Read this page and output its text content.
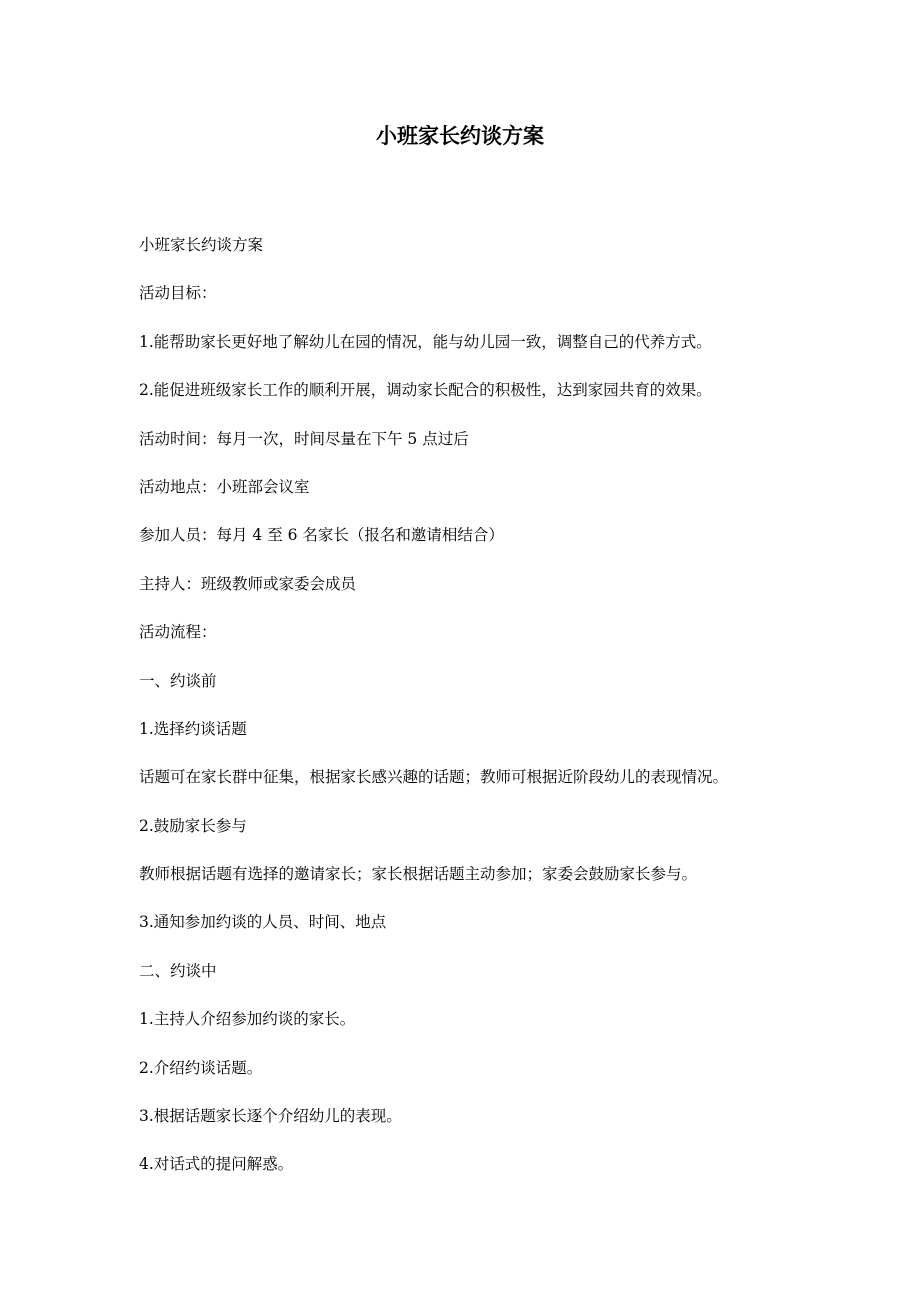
小班家长约谈方案

小班家长约谈方案

活动目标：

1.能帮助家长更好地了解幼儿在园的情况，能与幼儿园一致，调整自己的代养方式。

2.能促进班级家长工作的顺利开展，调动家长配合的积极性，达到家园共育的效果。

活动时间：每月一次，时间尽量在下午 5 点过后

活动地点：小班部会议室

参加人员：每月 4 至 6 名家长（报名和邀请相结合）

主持人：班级教师或家委会成员

活动流程：

一、约谈前

1.选择约谈话题

话题可在家长群中征集，根据家长感兴趣的话题；教师可根据近阶段幼儿的表现情况。

2.鼓励家长参与

教师根据话题有选择的邀请家长；家长根据话题主动参加；家委会鼓励家长参与。

3.通知参加约谈的人员、时间、地点

二、约谈中

1.主持人介绍参加约谈的家长。

2.介绍约谈话题。

3.根据话题家长逐个介绍幼儿的表现。

4.对话式的提问解惑。
